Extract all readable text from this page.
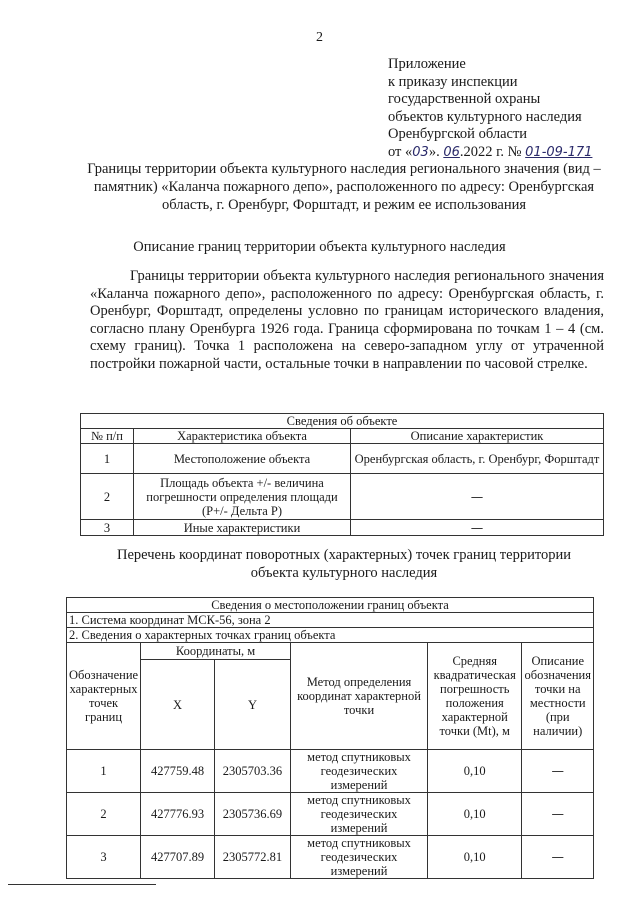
2
Приложение
к приказу инспекции
государственной охраны
объектов культурного наследия
Оренбургской области
от «03». 06.2022 г. № 01-09-171
Границы территории объекта культурного наследия регионального значения (вид – памятник) «Каланча пожарного депо», расположенного по адресу: Оренбургская область, г. Оренбург, Форштадт, и режим ее использования
Описание границ территории объекта культурного наследия
Границы территории объекта культурного наследия регионального значения «Каланча пожарного депо», расположенного по адресу: Оренбургская область, г. Оренбург, Форштадт, определены условно по границам исторического владения, согласно плану Оренбурга 1926 года. Граница сформирована по точкам 1 – 4 (см. схему границ). Точка 1 расположена на северо-западном углу от утраченной постройки пожарной части, остальные точки в направлении по часовой стрелке.
Сведения об объекте		
№ п/п	Характеристика объекта	Описание характеристик
1	Местоположение объекта	Оренбургская область, г. Оренбург, Форштадт
2	Площадь объекта +/- величина погрешности определения площади (P+/- Дельта P)	—
3	Иные характеристики	—
Перечень координат поворотных (характерных) точек границ территории объекта культурного наследия
Сведения о местоположении границ объекта					
1. Система координат МСК-56, зона 2					
2. Сведения о характерных точках границ объекта					
Обозначение характерных точек границ	Координаты, м		Метод определения координат характерной точки	Средняя квадратическая погрешность положения характерной точки (Mt), м	Описание обозначения точки на местности (при наличии)
	X	Y			
1	427759.48	2305703.36	метод спутниковых геодезических измерений	0,10	—
2	427776.93	2305736.69	метод спутниковых геодезических измерений	0,10	—
3	427707.89	2305772.81	метод спутниковых геодезических измерений	0,10	—
